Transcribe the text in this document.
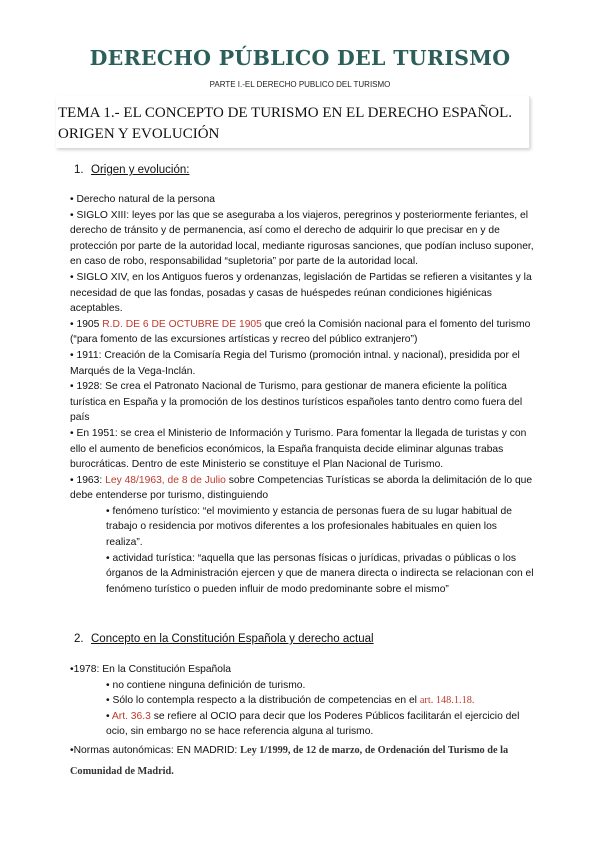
DERECHO PÚBLICO DEL TURISMO
PARTE I.-EL DERECHO PUBLICO DEL TURISMO
TEMA 1.- EL CONCEPTO DE TURISMO EN EL DERECHO ESPAÑOL. ORIGEN Y EVOLUCIÓN
1. Origen y evolución:

• Derecho natural de la persona

• SIGLO XIII: leyes por las que se aseguraba a los viajeros, peregrinos y posteriormente feriantes, el derecho de tránsito y de permanencia, así como el derecho de adquirir lo que precisar en y de protección por parte de la autoridad local, mediante rigurosas sanciones, que podían incluso suponer, en caso de robo, responsabilidad “supletoria” por parte de la autoridad local.

• SIGLO XIV, en los Antiguos fueros y ordenanzas, legislación de Partidas se refieren a visitantes y la necesidad de que las fondas, posadas y casas de huéspedes reúnan condiciones higiénicas aceptables.

• 1905 R.D. DE 6 DE OCTUBRE DE 1905 que creó la Comisión nacional para el fomento del turismo (“para fomento de las excursiones artísticas y recreo del público extranjero”)

• 1911: Creación de la Comisaría Regia del Turismo (promoción intnal. y nacional), presidida por el Marqués de la Vega-Inclán.

• 1928: Se crea el Patronato Nacional de Turismo, para gestionar de manera eficiente la política turística en España y la promoción de los destinos turísticos españoles tanto dentro como fuera del país

• En 1951: se crea el Ministerio de Información y Turismo. Para fomentar la llegada de turistas y con ello el aumento de beneficios económicos, la España franquista decide eliminar algunas trabas burocráticas. Dentro de este Ministerio se constituye el Plan Nacional de Turismo.

• 1963: Ley 48/1963, de 8 de Julio sobre Competencias Turísticas se aborda la delimitación de lo que debe entenderse por turismo, distinguiendo

• fenómeno turístico: “el movimiento y estancia de personas fuera de su lugar habitual de trabajo o residencia por motivos diferentes a los profesionales habituales en quien los realiza”.

• actividad turística: “aquella que las personas físicas o jurídicas, privadas o públicas o los órganos de la Administración ejercen y que de manera directa o indirecta se relacionan con el fenómeno turístico o pueden influir de modo predominante sobre el mismo”

2. Concepto en la Constitución Española y derecho actual

•1978: En la Constitución Española

• no contiene ninguna definición de turismo.

• Sólo lo contempla respecto a la distribución de competencias en el art. 148.1.18.

• Art. 36.3 se refiere al OCIO para decir que los Poderes Públicos facilitarán el ejercicio del ocio, sin embargo no se hace referencia alguna al turismo.

•Normas autonómicas: EN MADRID: Ley 1/1999, de 12 de marzo, de Ordenación del Turismo de la Comunidad de Madrid.
